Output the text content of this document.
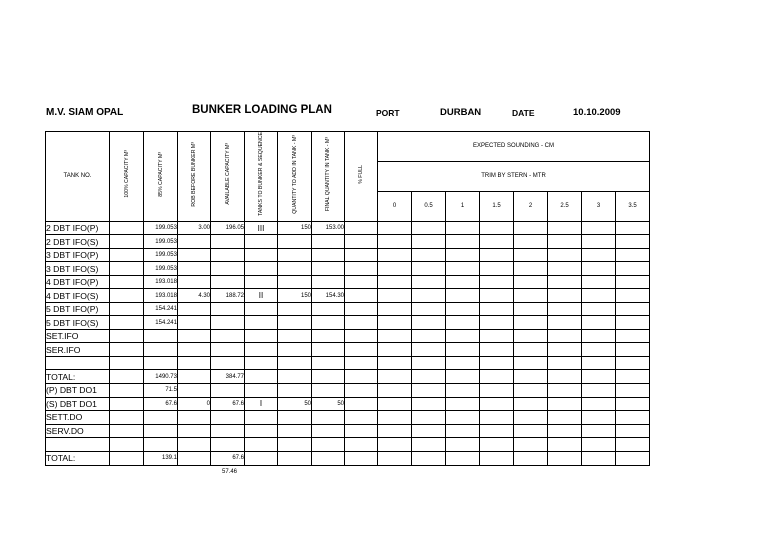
M.V. SIAM OPAL	BUNKER LOADING PLAN	PORT	DURBAN	DATE	10.10.2009
TANK NO.	100% CAPACITY M³	85% CAPACITY M³	ROB BEFORE BUNKER M³	AVAILABLE CAPACITY M³	TANKS TO BUNKER & SEQUENCE	QUANTITY TO ADD IN TANK - M³	FINAL QUANTITY IN TANK - M³	% FULL	EXPECTED SOUNDING - CM							
									TRIM BY STERN - MTR							
									0	0.5	1	1.5	2	2.5	3	3.5
2 DBT IFO(P)		199.053	3.00	196.05	III	150	153.00									
2 DBT IFO(S)		199.053														
3 DBT IFO(P)		199.053														
3 DBT IFO(S)		199.053														
4 DBT IFO(P)		193.018														
4 DBT IFO(S)		193.018	4.30	188.72	II	150	154.30									
5 DBT IFO(P)		154.241														
5 DBT IFO(S)		154.241														
SET.IFO																
SER.IFO																

TOTAL:		1490.73		384.77												
(P) DBT DO1		71.5														
(S) DBT DO1		67.6	0	67.6	I	50	50									
SETT.DO																
SERV.DO																

TOTAL:		139.1		67.6												
57.46
